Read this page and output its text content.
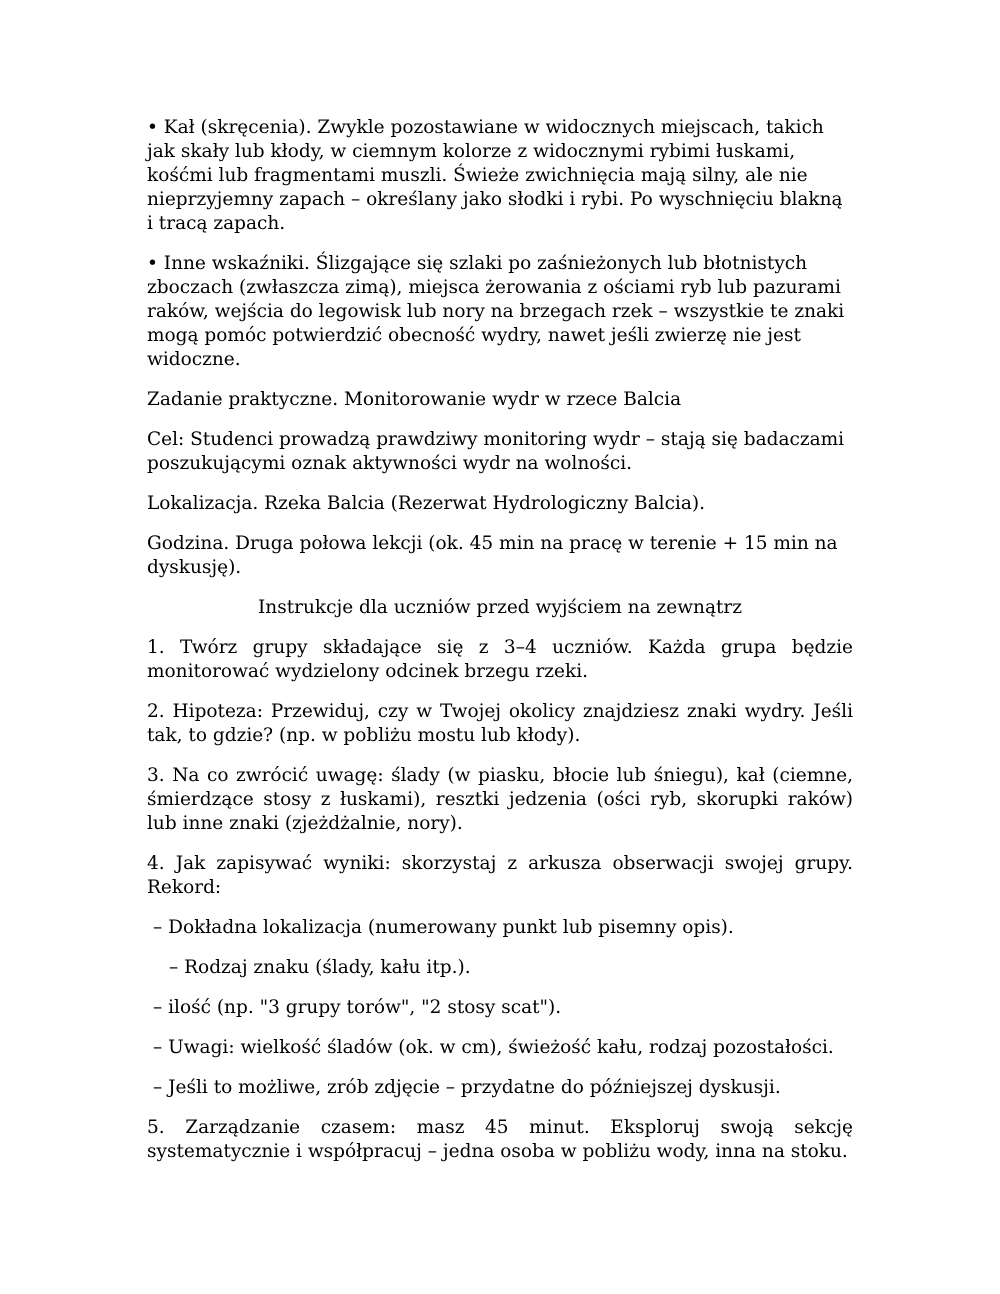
• Kał (skręcenia). Zwykle pozostawiane w widocznych miejscach, takich jak skały lub kłody, w ciemnym kolorze z widocznymi rybimi łuskami, kośćmi lub fragmentami muszli. Świeże zwichnięcia mają silny, ale nie nieprzyjemny zapach – określany jako słodki i rybi. Po wyschnięciu blakną i tracą zapach.

• Inne wskaźniki. Ślizgające się szlaki po zaśnieżonych lub błotnistych zboczach (zwłaszcza zimą), miejsca żerowania z ościami ryb lub pazurami raków, wejścia do legowisk lub nory na brzegach rzek – wszystkie te znaki mogą pomóc potwierdzić obecność wydry, nawet jeśli zwierzę nie jest widoczne.

Zadanie praktyczne. Monitorowanie wydr w rzece Balcia

Cel: Studenci prowadzą prawdziwy monitoring wydr – stają się badaczami poszukującymi oznak aktywności wydr na wolności.

Lokalizacja. Rzeka Balcia (Rezerwat Hydrologiczny Balcia).

Godzina. Druga połowa lekcji (ok. 45 min na pracę w terenie + 15 min na dyskusję).

Instrukcje dla uczniów przed wyjściem na zewnątrz

1. Twórz grupy składające się z 3–4 uczniów. Każda grupa będzie monitorować wydzielony odcinek brzegu rzeki.

2. Hipoteza: Przewiduj, czy w Twojej okolicy znajdziesz znaki wydry. Jeśli tak, to gdzie? (np. w pobliżu mostu lub kłody).

3. Na co zwrócić uwagę: ślady (w piasku, błocie lub śniegu), kał (ciemne, śmierdzące stosy z łuskami), resztki jedzenia (ości ryb, skorupki raków) lub inne znaki (zjeżdżalnie, nory).

4. Jak zapisywać wyniki: skorzystaj z arkusza obserwacji swojej grupy. Rekord:

– Dokładna lokalizacja (numerowany punkt lub pisemny opis).

– Rodzaj znaku (ślady, kału itp.).

– ilość (np. "3 grupy torów", "2 stosy scat").

– Uwagi: wielkość śladów (ok. w cm), świeżość kału, rodzaj pozostałości.

– Jeśli to możliwe, zrób zdjęcie – przydatne do późniejszej dyskusji.

5. Zarządzanie czasem: masz 45 minut. Eksploruj swoją sekcję systematycznie i współpracuj – jedna osoba w pobliżu wody, inna na stoku.
